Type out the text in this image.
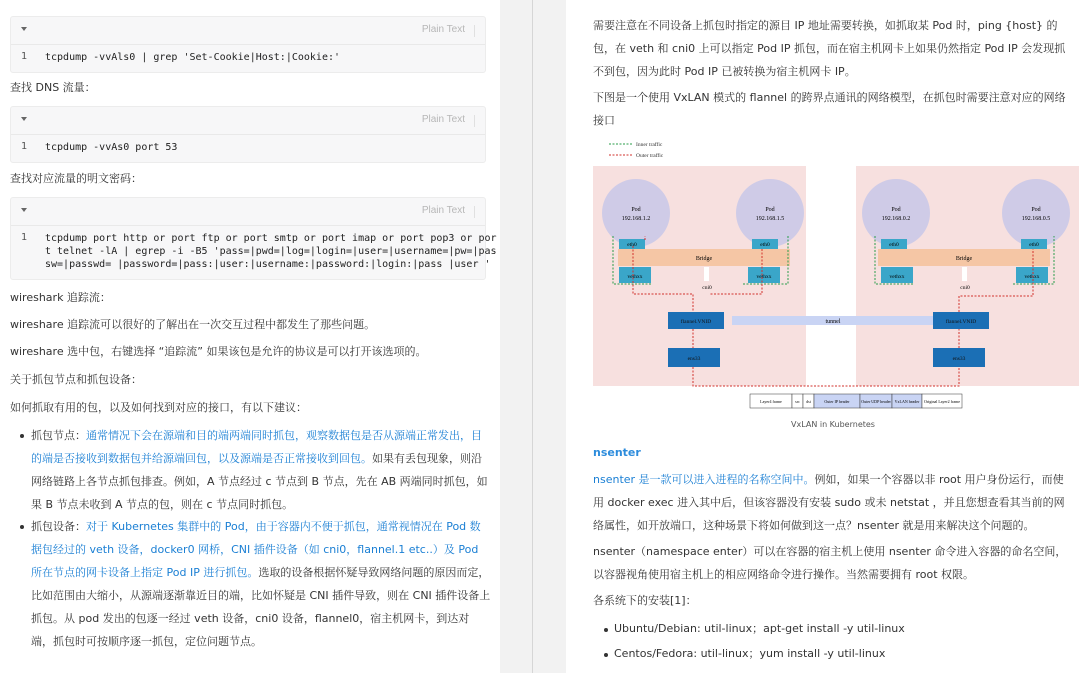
Plain Text
1 tcpdump -vvAls0 | grep 'Set-Cookie|Host:|Cookie:'
查找 DNS 流量：
Plain Text
1 tcpdump -vvAs0 port 53
查找对应流量的明文密码：
Plain Text
1 tcpdump port http or port ftp or port smtp or port imap or port pop3 or por
t telnet -lA | egrep -i -B5 'pass=|pwd=|log=|login=|user=|username=|pw=|pas
sw=|passwd= |password=|pass:|user:|username:|password:|login:|pass |user '
wireshark 追踪流：
wireshare 追踪流可以很好的了解出在一次交互过程中都发生了那些问题。
wireshare 选中包，右键选择 “追踪流” 如果该包是允许的协议是可以打开该选项的。
关于抓包节点和抓包设备：
如何抓取有用的包，以及如何找到对应的接口，有以下建议：
抓包节点：通常情况下会在源端和目的端两端同时抓包，观察数据包是否从源端正常发出，目的端是否接收到数据包并给源端回包，以及源端是否正常接收到回包。如果有丢包现象，则沿网络链路上各节点抓包排查。例如，A 节点经过 c 节点到 B 节点，先在 AB 两端同时抓包，如果 B 节点未收到 A 节点的包，则在 c 节点同时抓包。
抓包设备：对于 Kubernetes 集群中的 Pod，由于容器内不便于抓包，通常视情况在 Pod 数据包经过的 veth 设备，docker0 网桥，CNI 插件设备（如 cni0，flannel.1 etc..）及 Pod 所在节点的网卡设备上指定 Pod IP 进行抓包。选取的设备根据怀疑导致网络问题的原因而定，比如范围由大缩小，从源端逐渐靠近目的端，比如怀疑是 CNI 插件导致，则在 CNI 插件设备上抓包。从 pod 发出的包逐一经过 veth 设备，cni0 设备，flannel0，宿主机网卡，到达对端，抓包时可按顺序逐一抓包，定位问题节点。
需要注意在不同设备上抓包时指定的源目 IP 地址需要转换，如抓取某 Pod 时，ping {host} 的包，在 veth 和 cni0 上可以指定 Pod IP 抓包，而在宿主机网卡上如果仍然指定 Pod IP 会发现抓不到包，因为此时 Pod IP 已被转换为宿主机网卡 IP。
下图是一个使用 VxLAN 模式的 flannel 的跨界点通讯的网络模型，在抓包时需要注意对应的网络接口
Inner traffic
Outer traffic
Pod
192.168.1.2
Pod
192.168.1.5
Pod
192.168.0.2
Pod
192.168.0.5
Bridge	Bridge
eth0	eth0	eth0	eth0
vethxx	vethxx	vethxx	vethxx
cni0	cni0
tunnel
flannel.VNID	flannel.VNID
ens33	ens33
Layer4 frame	src dst	Outer IP header	Outer UDP header VxLAN header Original Layer2 frame
VxLAN in Kubernetes
nsenter
nsenter 是一款可以进入进程的名称空间中。例如，如果一个容器以非 root 用户身份运行，而使用 docker exec 进入其中后，但该容器没有安装 sudo 或未 netstat ，并且您想查看其当前的网络属性，如开放端口，这种场景下将如何做到这一点？nsenter 就是用来解决这个问题的。
nsenter（namespace enter）可以在容器的宿主机上使用 nsenter 命令进入容器的命名空间，以容器视角使用宿主机上的相应网络命令进行操作。当然需要拥有 root 权限。
各系统下的安装[1]：
Ubuntu/Debian: util-linux；apt-get install -y util-linux
Centos/Fedora: util-linux；yum install -y util-linux
